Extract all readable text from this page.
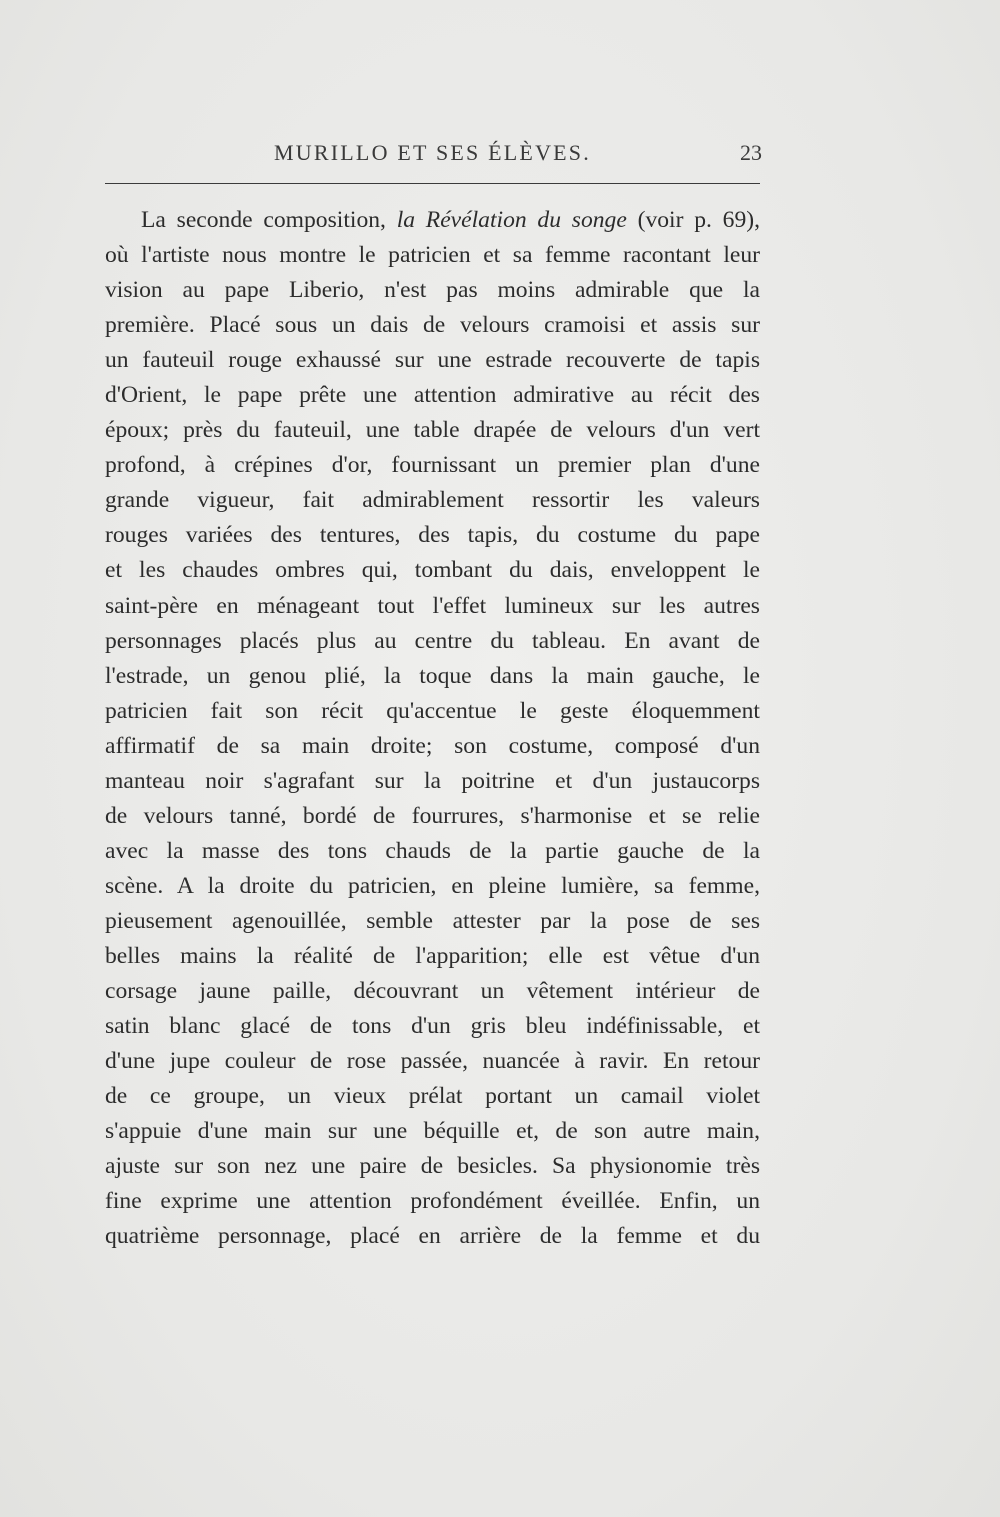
MURILLO ET SES ÉLÈVES.	23
La seconde composition, la Révélation du songe (voir p. 69),
où l'artiste nous montre le patricien et sa femme racontant leur
vision au pape Liberio, n'est pas moins admirable que la
première. Placé sous un dais de velours cramoisi et assis sur
un fauteuil rouge exhaussé sur une estrade recouverte de tapis
d'Orient, le pape prête une attention admirative au récit des
époux; près du fauteuil, une table drapée de velours d'un vert
profond, à crépines d'or, fournissant un premier plan d'une
grande vigueur, fait admirablement ressortir les valeurs
rouges variées des tentures, des tapis, du costume du pape
et les chaudes ombres qui, tombant du dais, enveloppent le
saint-père en ménageant tout l'effet lumineux sur les autres
personnages placés plus au centre du tableau. En avant de
l'estrade, un genou plié, la toque dans la main gauche, le
patricien fait son récit qu'accentue le geste éloquemment
affirmatif de sa main droite; son costume, composé d'un
manteau noir s'agrafant sur la poitrine et d'un justaucorps
de velours tanné, bordé de fourrures, s'harmonise et se relie
avec la masse des tons chauds de la partie gauche de la
scène. A la droite du patricien, en pleine lumière, sa femme,
pieusement agenouillée, semble attester par la pose de ses
belles mains la réalité de l'apparition; elle est vêtue d'un
corsage jaune paille, découvrant un vêtement intérieur de
satin blanc glacé de tons d'un gris bleu indéfinissable, et
d'une jupe couleur de rose passée, nuancée à ravir. En retour
de ce groupe, un vieux prélat portant un camail violet
s'appuie d'une main sur une béquille et, de son autre main,
ajuste sur son nez une paire de besicles. Sa physionomie très
fine exprime une attention profondément éveillée. Enfin, un
quatrième personnage, placé en arrière de la femme et du
